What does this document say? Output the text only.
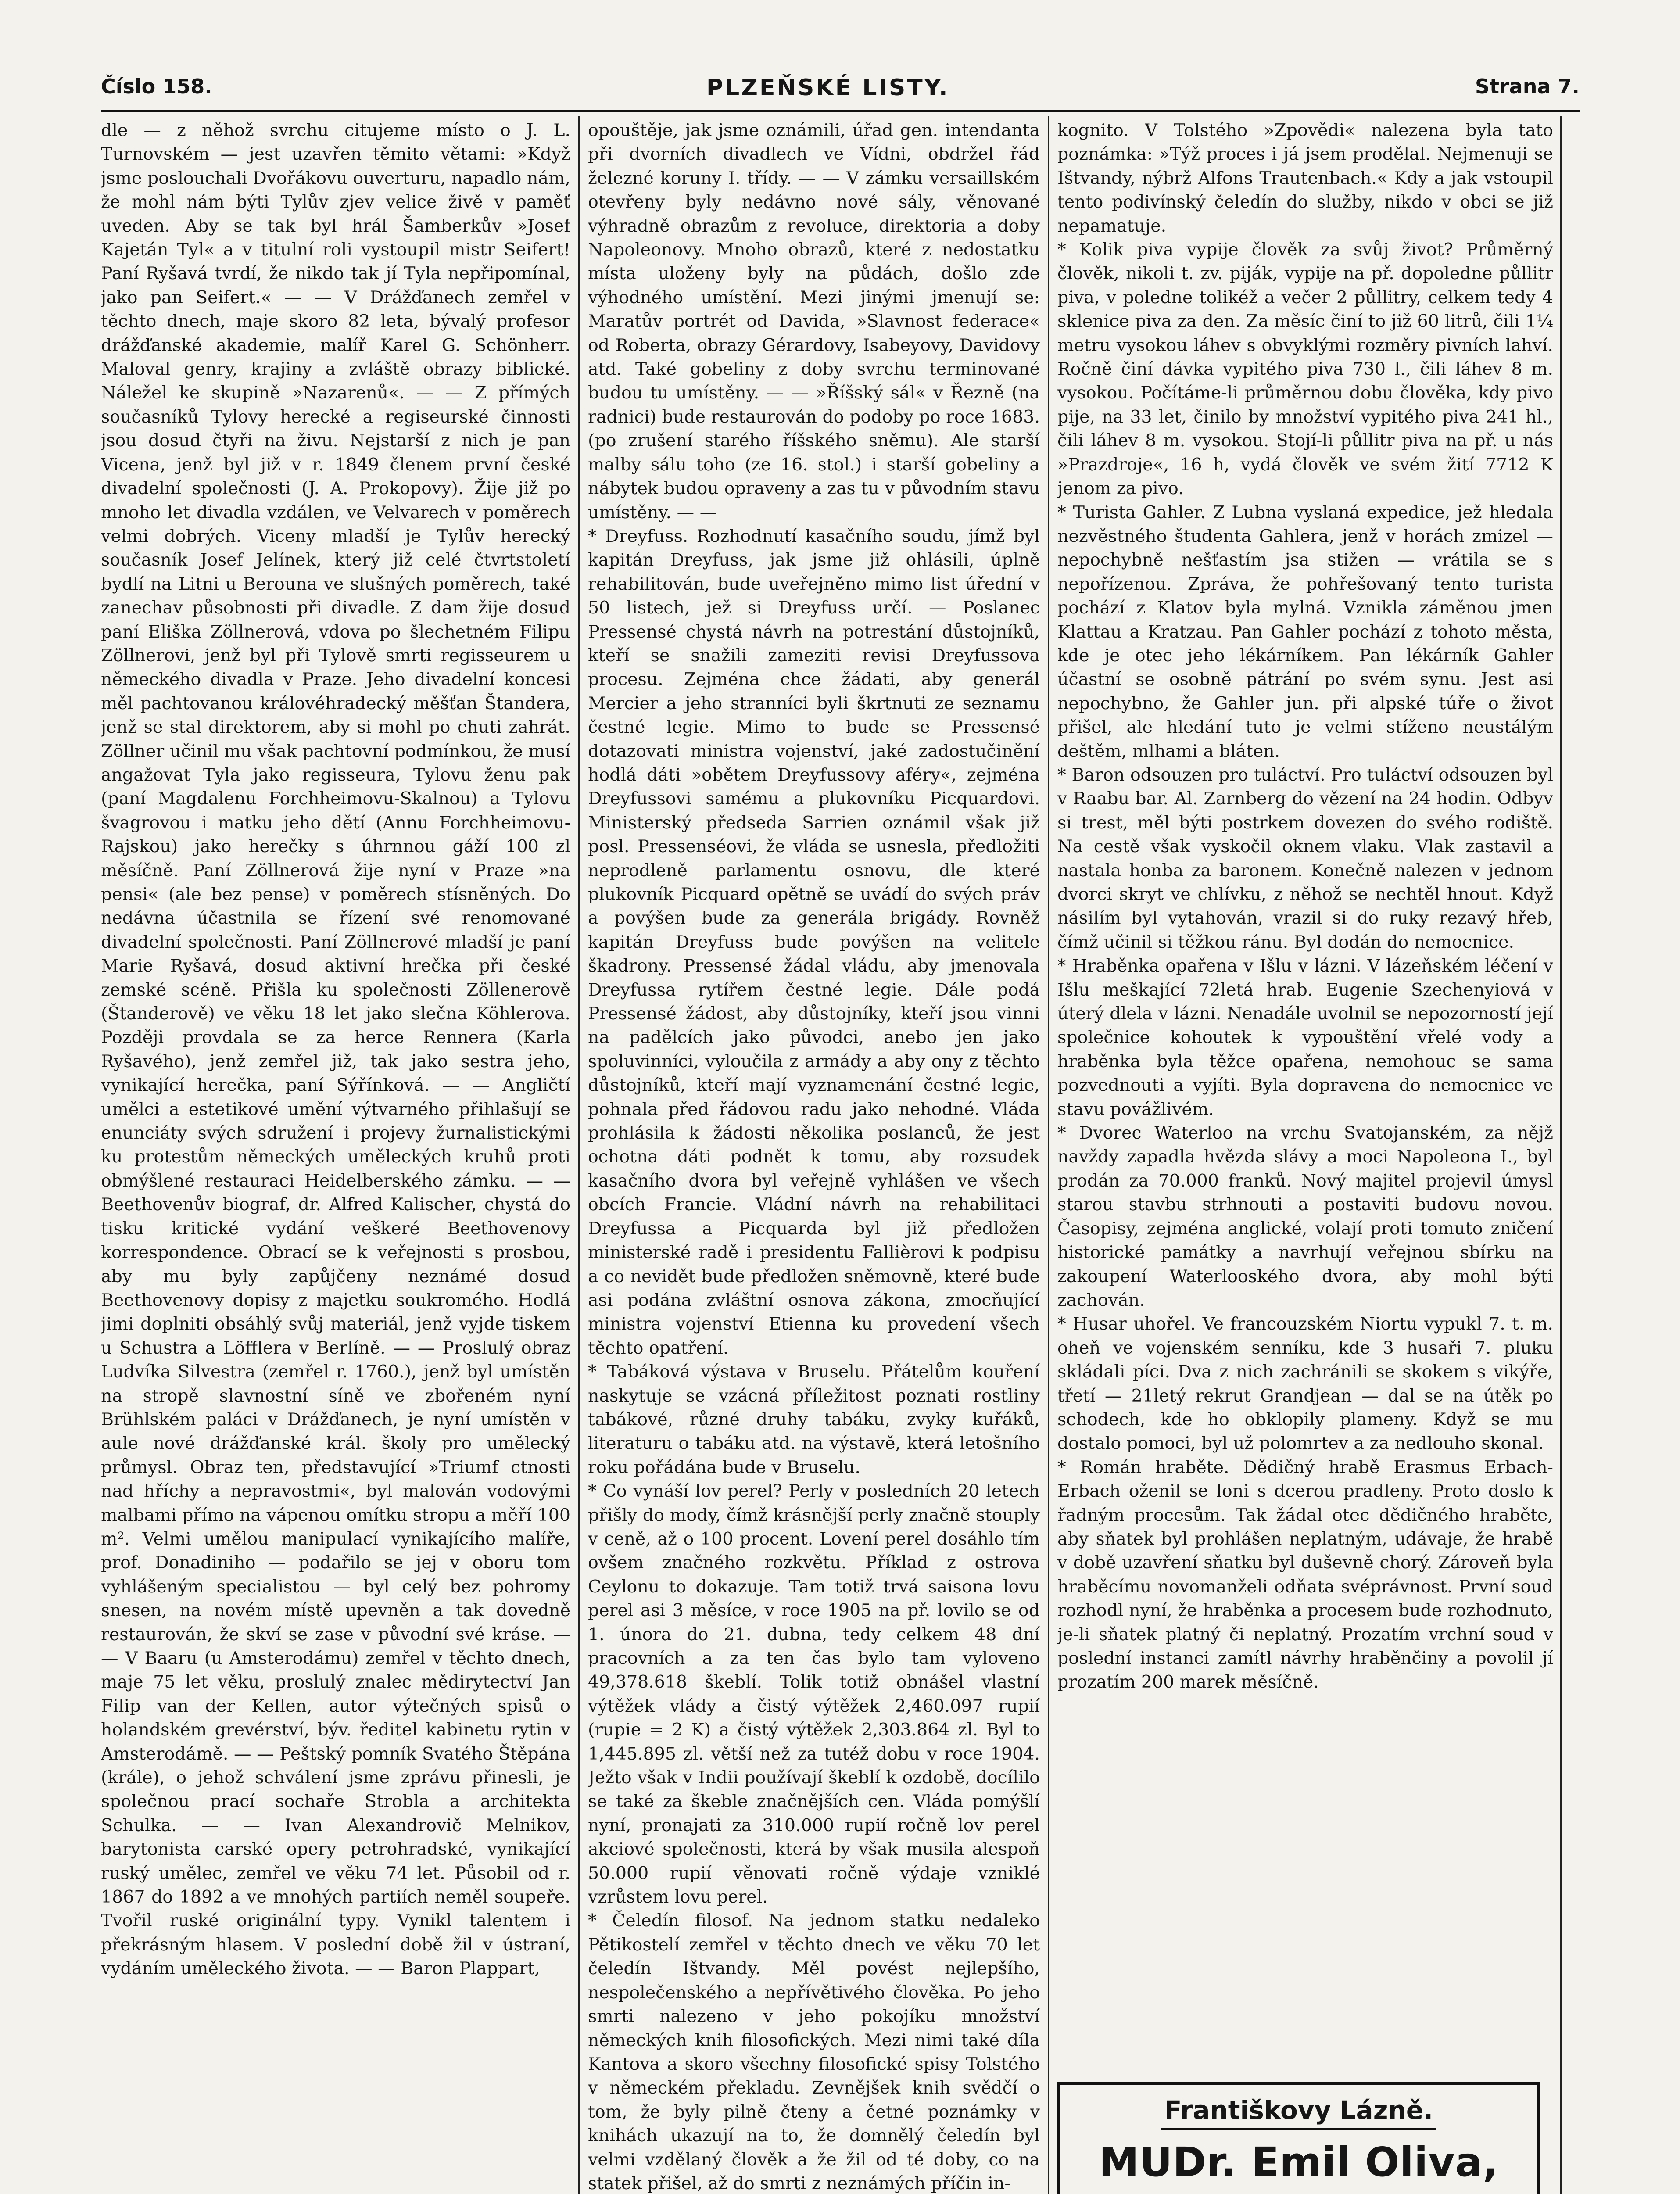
Číslo 158.	PLZEŇSKÉ LISTY.	Strana 7.

dle — z něhož svrchu citujeme místo o J. L. Turnovském — jest uzavřen těmito větami: »Když jsme poslouchali Dvořákovu ouverturu, napadlo nám, že mohl nám býti Tylův zjev velice živě v paměť uveden. Aby se tak byl hrál Šamberkův »Josef Kajetán Tyl« a v titulní roli vystoupil mistr Seifert! Paní Ryšavá tvrdí, že nikdo tak jí Tyla nepřipomínal, jako pan Seifert.« — — V Drážďanech zemřel v těchto dnech, maje skoro 82 leta, bývalý profesor drážďanské akademie, malíř Karel G. Schönherr. Maloval genry, krajiny a zvláště obrazy biblické. Náležel ke skupině »Nazarenů«. — — Z přímých současníků Tylovy herecké a regiseurské činnosti jsou dosud čtyři na živu. Nejstarší z nich je pan Vicena, jenž byl již v r. 1849 členem první české divadelní společnosti (J. A. Prokopovy). Žije již po mnoho let divadla vzdálen, ve Velvarech v poměrech velmi dobrých. Viceny mladší je Tylův herecký současník Josef Jelínek, který již celé čtvrtstoletí bydlí na Litni u Berouna ve slušných poměrech, také zanechav působnosti při divadle. Z dam žije dosud paní Eliška Zöllnerová, vdova po šlechetném Filipu Zöllnerovi, jenž byl při Tylově smrti regisseurem u německého divadla v Praze. Jeho divadelní koncesi měl pachtovanou královéhradecký měšťan Štandera, jenž se stal direktorem, aby si mohl po chuti zahrát. Zöllner učinil mu však pachtovní podmínkou, že musí angažovat Tyla jako regisseura, Tylovu ženu pak (paní Magdalenu Forchheimovu-Skalnou) a Tylovu švagrovou i matku jeho dětí (Annu Forchheimovu-Rajskou) jako herečky s úhrnnou gáží 100 zl měsíčně. Paní Zöllnerová žije nyní v Praze »na pensi« (ale bez pense) v poměrech stísněných. Do nedávna účastnila se řízení své renomované divadelní společnosti. Paní Zöllnerové mladší je paní Marie Ryšavá, dosud aktivní hrečka při české zemské scéně. Přišla ku společnosti Zöllenerově (Štanderově) ve věku 18 let jako slečna Köhlerova. Později provdala se za herce Rennera (Karla Ryšavého), jenž zemřel již, tak jako sestra jeho, vynikající herečka, paní Sýřínková. — — Angličtí umělci a estetikové umění výtvarného přihlašují se enunciáty svých sdružení i projevy žurnalistickými ku protestům německých uměleckých kruhů proti obmýšlené restauraci Heidelberského zámku. — — Beethovenův biograf, dr. Alfred Kalischer, chystá do tisku kritické vydání veškeré Beethovenovy korrespondence. Obrací se k veřejnosti s prosbou, aby mu byly zapůjčeny neznámé dosud Beethovenovy dopisy z majetku soukromého. Hodlá jimi doplniti obsáhlý svůj materiál, jenž vyjde tiskem u Schustra a Löfflera v Berlíně. — — Proslulý obraz Ludvíka Silvestra (zemřel r. 1760.), jenž byl umístěn na stropě slavnostní síně ve zbořeném nyní Brühlském paláci v Drážďanech, je nyní umístěn v aule nové drážďanské král. školy pro umělecký průmysl. Obraz ten, představující »Triumf ctnosti nad hříchy a nepravostmi«, byl malován vodovými malbami přímo na vápenou omítku stropu a měří 100 m². Velmi umělou manipulací vynikajícího malíře, prof. Donadiniho — podařilo se jej v oboru tom vyhlášeným specialistou — byl celý bez pohromy snesen, na novém místě upevněn a tak dovedně restaurován, že skví se zase v původní své kráse. — — V Baaru (u Amsterodámu) zemřel v těchto dnech, maje 75 let věku, proslulý znalec mědirytectví Jan Filip van der Kellen, autor výtečných spisů o holandském grevérství, býv. ředitel kabinetu rytin v Amsterodámě. — — Peštský pomník Svatého Štěpána (krále), o jehož schválení jsme zprávu přinesli, je společnou prací sochaře Strobla a architekta Schulka. — — Ivan Alexandrovič Melnikov, barytonista carské opery petrohradské, vynikající ruský umělec, zemřel ve věku 74 let. Působil od r. 1867 do 1892 a ve mnohých partiích neměl soupeře. Tvořil ruské originální typy. Vynikl talentem i překrásným hlasem. V poslední době žil v ústraní, vydáním uměleckého života. — — Baron Plappart,

opouštěje, jak jsme oznámili, úřad gen. intendanta při dvorních divadlech ve Vídni, obdržel řád železné koruny I. třídy. — — V zámku versaillském otevřeny byly nedávno nové sály, věnované výhradně obrazům z revoluce, direktoria a doby Napoleonovy. Mnoho obrazů, které z nedostatku místa uloženy byly na půdách, došlo zde výhodného umístění. Mezi jinými jmenují se: Maratův portrét od Davida, »Slavnost federace« od Roberta, obrazy Gérardovy, Isabeyovy, Davidovy atd. Také gobeliny z doby svrchu terminované budou tu umístěny. — — »Říšský sál« v Řezně (na radnici) bude restaurován do podoby po roce 1683. (po zrušení starého říšského sněmu). Ale starší malby sálu toho (ze 16. stol.) i starší gobeliny a nábytek budou opraveny a zas tu v původním stavu umístěny. — —

* Dreyfuss. Rozhodnutí kasačního soudu, jímž byl kapitán Dreyfuss, jak jsme již ohlásili, úplně rehabilitován, bude uveřejněno mimo list úřední v 50 listech, jež si Dreyfuss určí. — Poslanec Pressensé chystá návrh na potrestání důstojníků, kteří se snažili zameziti revisi Dreyfussova procesu. Zejména chce žádati, aby generál Mercier a jeho stranníci byli škrtnuti ze seznamu čestné legie. Mimo to bude se Pressensé dotazovati ministra vojenství, jaké zadostučinění hodlá dáti »obětem Dreyfussovy aféry«, zejména Dreyfussovi samému a plukovníku Picquardovi. Ministerský předseda Sarrien oznámil však již posl. Pressenséovi, že vláda se usnesla, předložiti neprodleně parlamentu osnovu, dle které plukovník Picquard opětně se uvádí do svých práv a povýšen bude za generála brigády. Rovněž kapitán Dreyfuss bude povýšen na velitele škadrony. Pressensé žádal vládu, aby jmenovala Dreyfussa rytířem čestné legie. Dále podá Pressensé žádost, aby důstojníky, kteří jsou vinni na padělcích jako původci, anebo jen jako spoluvinníci, vyloučila z armády a aby ony z těchto důstojníků, kteří mají vyznamenání čestné legie, pohnala před řádovou radu jako nehodné. Vláda prohlásila k žádosti několika poslanců, že jest ochotna dáti podnět k tomu, aby rozsudek kasačního dvora byl veřejně vyhlášen ve všech obcích Francie. Vládní návrh na rehabilitaci Dreyfussa a Picquarda byl již předložen ministerské radě i presidentu Fallièrovi k podpisu a co nevidět bude předložen sněmovně, které bude asi podána zvláštní osnova zákona, zmocňující ministra vojenství Etienna ku provedení všech těchto opatření.

* Tabáková výstava v Bruselu. Přátelům kouření naskytuje se vzácná příležitost poznati rostliny tabákové, různé druhy tabáku, zvyky kuřáků, literaturu o tabáku atd. na výstavě, která letošního roku pořádána bude v Bruselu.

* Co vynáší lov perel? Perly v posledních 20 letech přišly do mody, čímž krásnější perly značně stouply v ceně, až o 100 procent. Lovení perel dosáhlo tím ovšem značného rozkvětu. Příklad z ostrova Ceylonu to dokazuje. Tam totiž trvá saisona lovu perel asi 3 měsíce, v roce 1905 na př. lovilo se od 1. února do 21. dubna, tedy celkem 48 dní pracovních a za ten čas bylo tam vyloveno 49,378.618 škeblí. Tolik totiž obnášel vlastní výtěžek vlády a čistý výtěžek 2,460.097 rupií (rupie = 2 K) a čistý výtěžek 2,303.864 zl. Byl to 1,445.895 zl. větší než za tutéž dobu v roce 1904. Ježto však v Indii používají škeblí k ozdobě, docílilo se také za škeble značnějších cen. Vláda pomýšlí nyní, pronajati za 310.000 rupií ročně lov perel akciové společnosti, která by však musila alespoň 50.000 rupií věnovati ročně výdaje vzniklé vzrůstem lovu perel.

* Čeledín filosof. Na jednom statku nedaleko Pětikostelí zemřel v těchto dnech ve věku 70 let čeledín Ištvandy. Měl povést nejlepšího, nespolečenského a nepřívětivého člověka. Po jeho smrti nalezeno v jeho pokojíku množství německých knih filosofických. Mezi nimi také díla Kantova a skoro všechny filosofické spisy Tolstého v německém překladu. Zevnějšek knih svědčí o tom, že byly pilně čteny a četné poznámky v knihách ukazují na to, že domnělý čeledín byl velmi vzdělaný člověk a že žil od té doby, co na statek přišel, až do smrti z neznámých příčin in-

kognito. V Tolstého »Zpovědi« nalezena byla tato poznámka: »Týž proces i já jsem prodělal. Nejmenuji se Ištvandy, nýbrž Alfons Trautenbach.« Kdy a jak vstoupil tento podivínský čeledín do služby, nikdo v obci se již nepamatuje.

* Kolik piva vypije člověk za svůj život? Průměrný člověk, nikoli t. zv. piják, vypije na př. dopoledne půllitr piva, v poledne tolikéž a večer 2 půllitry, celkem tedy 4 sklenice piva za den. Za měsíc činí to již 60 litrů, čili 1¼ metru vysokou láhev s obvyklými rozměry pivních lahví. Ročně činí dávka vypitého piva 730 l., čili láhev 8 m. vysokou. Počítáme-li průměrnou dobu člověka, kdy pivo pije, na 33 let, činilo by množství vypitého piva 241 hl., čili láhev 8 m. vysokou. Stojí-li půllitr piva na př. u nás »Prazdroje«, 16 h, vydá člověk ve svém žití 7712 K jenom za pivo.

* Turista Gahler. Z Lubna vyslaná expedice, jež hledala nezvěstného študenta Gahlera, jenž v horách zmizel — nepochybně nešťastím jsa stižen — vrátila se s nepořízenou. Zpráva, že pohřešovaný tento turista pochází z Klatov byla mylná. Vznikla záměnou jmen Klattau a Kratzau. Pan Gahler pochází z tohoto města, kde je otec jeho lékárníkem. Pan lékárník Gahler účastní se osobně pátrání po svém synu. Jest asi nepochybno, že Gahler jun. při alpské túře o život přišel, ale hledání tuto je velmi stíženo neustálým deštěm, mlhami a bláten.

* Baron odsouzen pro tuláctví. Pro tuláctví odsouzen byl v Raabu bar. Al. Zarnberg do vězení na 24 hodin. Odbyv si trest, měl býti postrkem dovezen do svého rodiště. Na cestě však vyskočil oknem vlaku. Vlak zastavil a nastala honba za baronem. Konečně nalezen v jednom dvorci skryt ve chlívku, z něhož se nechtěl hnout. Když násilím byl vytahován, vrazil si do ruky rezavý hřeb, čímž učinil si těžkou ránu. Byl dodán do nemocnice.

* Hraběnka opařena v Išlu v lázni. V lázeňském léčení v Išlu meškající 72letá hrab. Eugenie Szechenyiová v úterý dlela v lázni. Nenadále uvolnil se nepozorností její společnice kohoutek k vypouštění vřelé vody a hraběnka byla těžce opařena, nemohouc se sama pozvednouti a vyjíti. Byla dopravena do nemocnice ve stavu povážlivém.

* Dvorec Waterloo na vrchu Svatojanském, za nějž navždy zapadla hvězda slávy a moci Napoleona I., byl prodán za 70.000 franků. Nový majitel projevil úmysl starou stavbu strhnouti a postaviti budovu novou. Časopisy, zejména anglické, volají proti tomuto zničení historické památky a navrhují veřejnou sbírku na zakoupení Waterlooského dvora, aby mohl býti zachován.

* Husar uhořel. Ve francouzském Niortu vypukl 7. t. m. oheň ve vojenském senníku, kde 3 husaři 7. pluku skládali píci. Dva z nich zachránili se skokem s vikýře, třetí — 21letý rekrut Grandjean — dal se na útěk po schodech, kde ho obklopily plameny. Když se mu dostalo pomoci, byl už polomrtev a za nedlouho skonal.

* Román hraběte. Dědičný hrabě Erasmus Erbach-Erbach oženil se loni s dcerou pradleny. Proto doslo k řadným procesům. Tak žádal otec dědičného hraběte, aby sňatek byl prohlášen neplatným, udávaje, že hrabě v době uzavření sňatku byl duševně chorý. Zároveň byla hraběcímu novomanželi odňata svéprávnost. První soud rozhodl nyní, že hraběnka a procesem bude rozhodnuto, je-li sňatek platný či neplatný. Prozatím vrchní soud v poslední instanci zamítl návrhy hraběnčiny a povolil jí prozatím 200 marek měsíčně.

Františkovy Lázně.
MUDr. Emil Oliva,
